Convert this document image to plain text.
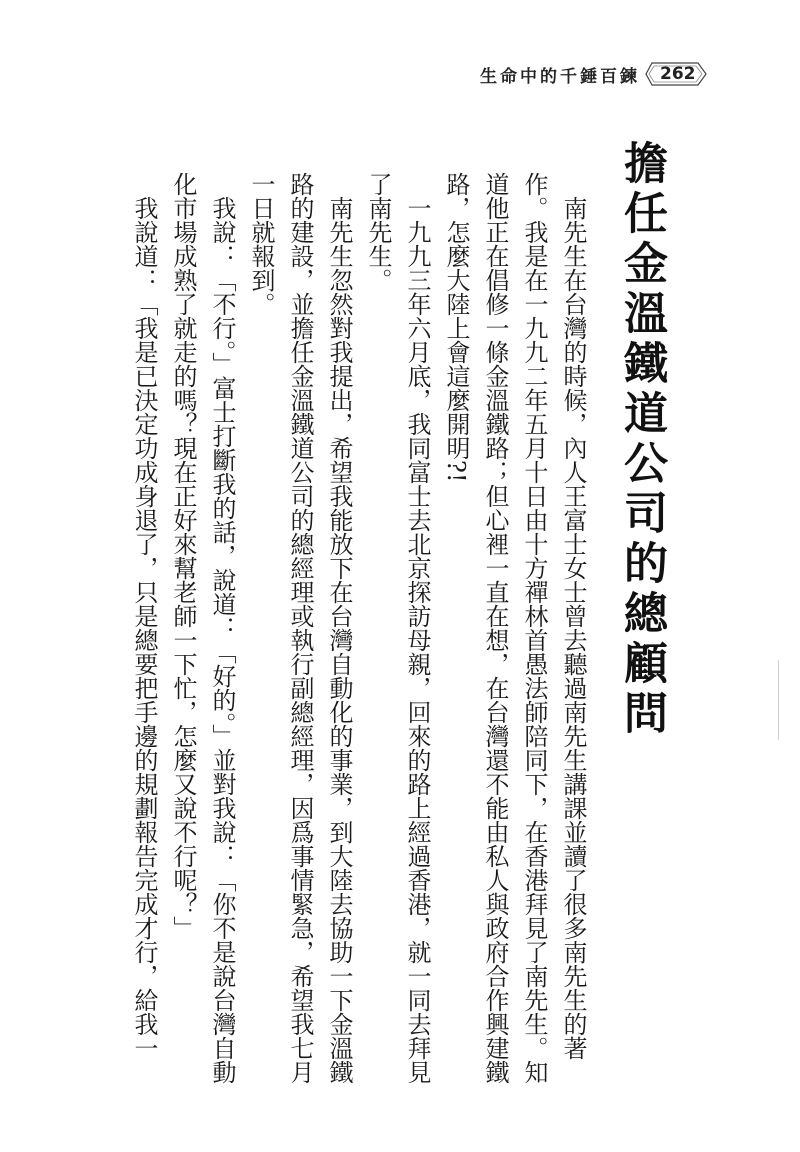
生命中的千錘百鍊	262
擔任金溫鐵道公司的總顧問

南先生在台灣的時候，內人王富士女士曾去聽過南先生講課並讀了很多南先生的著作。我是在一九九二年五月十日由十方禪林首愚法師陪同下，在香港拜見了南先生。知道他正在倡修一條金溫鐵路；但心裡一直在想，在台灣還不能由私人與政府合作興建鐵路，怎麼大陸上會這麼開明?!

一九九三年六月底，我同富士去北京探訪母親，回來的路上經過香港，就一同去拜見了南先生。

南先生忽然對我提出，希望我能放下在台灣自動化的事業，到大陸去協助一下金溫鐵路的建設，並擔任金溫鐵道公司的總經理或執行副總經理，因爲事情緊急，希望我七月一日就報到。

我說：「不行。」富士打斷我的話，說道：「好的。」並對我說：「你不是說台灣自動化市場成熟了就走的嗎？現在正好來幫老師一下忙，怎麼又說不行呢？」

我說道：「我是已決定功成身退了，只是總要把手邊的規劃報告完成才行，給我一
